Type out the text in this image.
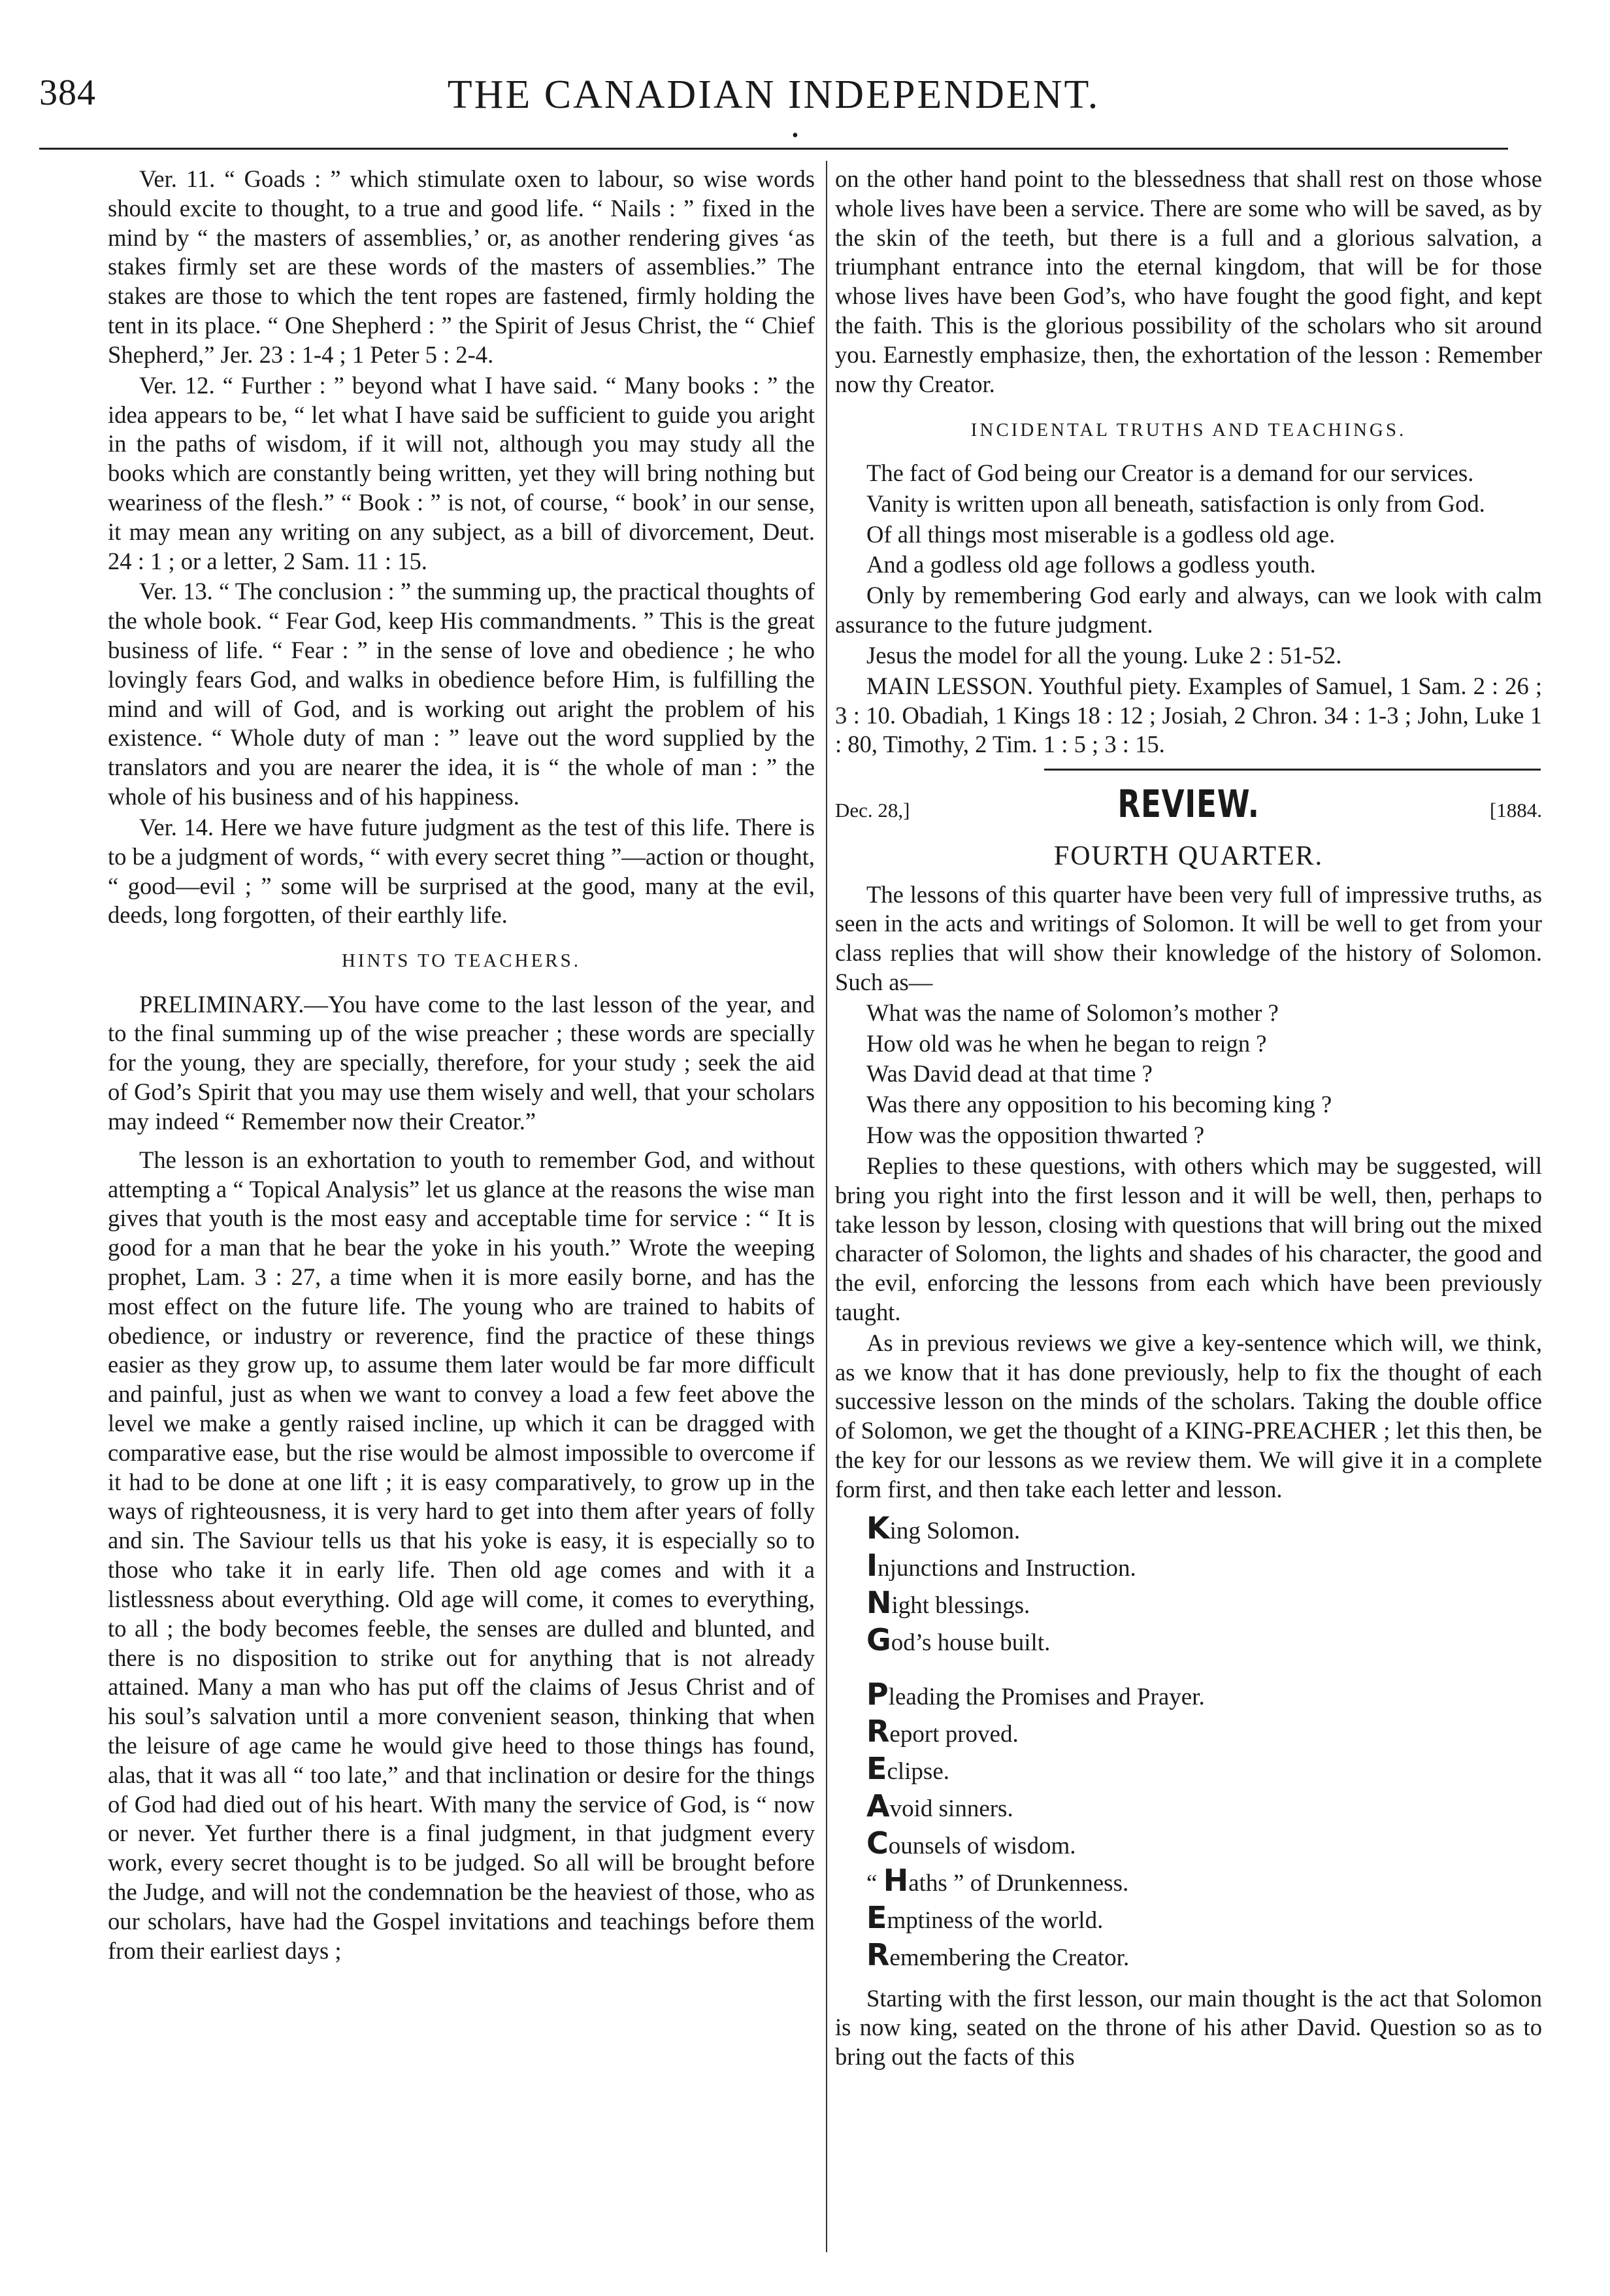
384	THE CANADIAN INDEPENDENT.
•

Ver. 11. “ Goads : ” which stimulate oxen to labour, so wise words should excite to thought, to a true and good life. “ Nails : ” fixed in the mind by “ the masters of assemblies,’ or, as another rendering gives ‘as stakes firmly set are these words of the masters of assemblies.” The stakes are those to which the tent ropes are fastened, firmly holding the tent in its place. “ One Shepherd : ” the Spirit of Jesus Christ, the “ Chief Shepherd,” Jer. 23 : 1-4 ; 1 Peter 5 : 2-4.

Ver. 12. “ Further : ” beyond what I have said. “ Many books : ” the idea appears to be, “ let what I have said be sufficient to guide you aright in the paths of wisdom, if it will not, although you may study all the books which are constantly being written, yet they will bring nothing but weariness of the flesh.” “ Book : ” is not, of course, “ book’ in our sense, it may mean any writing on any subject, as a bill of divorcement, Deut. 24 : 1 ; or a letter, 2 Sam. 11 : 15.

Ver. 13. “ The conclusion : ” the summing up, the practical thoughts of the whole book. “ Fear God, keep His commandments. ” This is the great business of life. “ Fear : ” in the sense of love and obedience ; he who lovingly fears God, and walks in obedience before Him, is fulfilling the mind and will of God, and is working out aright the problem of his existence. “ Whole duty of man : ” leave out the word supplied by the translators and you are nearer the idea, it is “ the whole of man : ” the whole of his business and of his happiness.

Ver. 14. Here we have future judgment as the test of this life. There is to be a judgment of words, “ with every secret thing ”—action or thought, “ good—evil ; ” some will be surprised at the good, many at the evil, deeds, long forgotten, of their earthly life.

HINTS TO TEACHERS.

PRELIMINARY.—You have come to the last lesson of the year, and to the final summing up of the wise preacher ; these words are specially for the young, they are specially, therefore, for your study ; seek the aid of God’s Spirit that you may use them wisely and well, that your scholars may indeed “ Remember now their Creator.”

The lesson is an exhortation to youth to remember God, and without attempting a “ Topical Analysis” let us glance at the reasons the wise man gives that youth is the most easy and acceptable time for service : “ It is good for a man that he bear the yoke in his youth.” Wrote the weeping prophet, Lam. 3 : 27, a time when it is more easily borne, and has the most effect on the future life. The young who are trained to habits of obedience, or industry or reverence, find the practice of these things easier as they grow up, to assume them later would be far more difficult and painful, just as when we want to convey a load a few feet above the level we make a gently raised incline, up which it can be dragged with comparative ease, but the rise would be almost impossible to overcome if it had to be done at one lift ; it is easy comparatively, to grow up in the ways of righteousness, it is very hard to get into them after years of folly and sin. The Saviour tells us that his yoke is easy, it is especially so to those who take it in early life. Then old age comes and with it a listlessness about everything. Old age will come, it comes to everything, to all ; the body becomes feeble, the senses are dulled and blunted, and there is no disposition to strike out for anything that is not already attained. Many a man who has put off the claims of Jesus Christ and of his soul’s salvation until a more convenient season, thinking that when the leisure of age came he would give heed to those things has found, alas, that it was all “ too late,” and that inclination or desire for the things of God had died out of his heart. With many the service of God, is “ now or never. Yet further there is a final judgment, in that judgment every work, every secret thought is to be judged. So all will be brought before the Judge, and will not the condemnation be the heaviest of those, who as our scholars, have had the Gospel invitations and teachings before them from their earliest days ;

on the other hand point to the blessedness that shall rest on those whose whole lives have been a service. There are some who will be saved, as by the skin of the teeth, but there is a full and a glorious salvation, a triumphant entrance into the eternal kingdom, that will be for those whose lives have been God’s, who have fought the good fight, and kept the faith. This is the glorious possibility of the scholars who sit around you. Earnestly emphasize, then, the exhortation of the lesson : Remember now thy Creator.

INCIDENTAL TRUTHS AND TEACHINGS.

The fact of God being our Creator is a demand for our services.

Vanity is written upon all beneath, satisfaction is only from God.

Of all things most miserable is a godless old age.

And a godless old age follows a godless youth.

Only by remembering God early and always, can we look with calm assurance to the future judgment.

Jesus the model for all the young. Luke 2 : 51-52.

MAIN LESSON. Youthful piety. Examples of Samuel, 1 Sam. 2 : 26 ; 3 : 10. Obadiah, 1 Kings 18 : 12 ; Josiah, 2 Chron. 34 : 1-3 ; John, Luke 1 : 80, Timothy, 2 Tim. 1 : 5 ; 3 : 15.

Dec. 28,]	REVIEW.	[1884.
FOURTH QUARTER.

The lessons of this quarter have been very full of impressive truths, as seen in the acts and writings of Solomon. It will be well to get from your class replies that will show their knowledge of the history of Solomon. Such as—

What was the name of Solomon’s mother ?

How old was he when he began to reign ?

Was David dead at that time ?

Was there any opposition to his becoming king ?

How was the opposition thwarted ?

Replies to these questions, with others which may be suggested, will bring you right into the first lesson and it will be well, then, perhaps to take lesson by lesson, closing with questions that will bring out the mixed character of Solomon, the lights and shades of his character, the good and the evil, enforcing the lessons from each which have been previously taught.

As in previous reviews we give a key-sentence which will, we think, as we know that it has done previously, help to fix the thought of each successive lesson on the minds of the scholars. Taking the double office of Solomon, we get the thought of a KING-PREACHER ; let this then, be the key for our lessons as we review them. We will give it in a complete form first, and then take each letter and lesson.

King Solomon.
Injunctions and Instruction.
Night blessings.
God’s house built.
Pleading the Promises and Prayer.
Report proved.
Eclipse.
Avoid sinners.
Counsels of wisdom.
“ Haths ” of Drunkenness.
Emptiness of the world.
Remembering the Creator.

Starting with the first lesson, our main thought is the act that Solomon is now king, seated on the throne of his ather David. Question so as to bring out the facts of this
